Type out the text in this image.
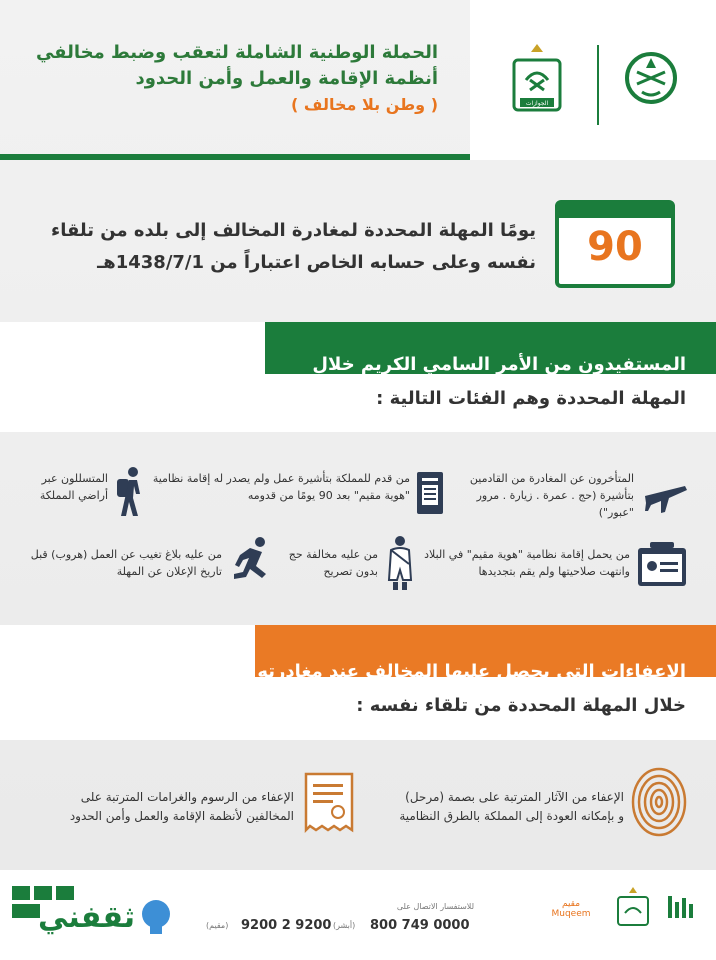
الحملة الوطنية الشاملة لتعقب وضبط مخالفي
أنظمة الإقامة والعمل وأمن الحدود
( وطن بلا مخالف )	الجوازات
90
يومًا المهلة المحددة لمغادرة المخالف إلى بلده من تلقاء
نفسه وعلى حسابه الخاص اعتباراً من 1438/7/1هـ
المستفيدون من الأمر السامي الكريم خلال
المهلة المحددة وهم الفئات التالية :
المتأخرون عن المغادرة من القادمين بتأشيرة (حج . عمرة . زيارة . مرور "عبور")
من قدم للمملكة بتأشيرة عمل ولم يصدر له إقامة نظامية "هوية مقيم" بعد 90 يومًا من قدومه
المتسللون عبر أراضي المملكة
من يحمل إقامة نظامية "هوية مقيم" في البلاد وانتهت صلاحيتها ولم يقم بتجديدها
من عليه مخالفة حج بدون تصريح
من عليه بلاغ تغيب عن العمل (هروب) قبل تاريخ الإعلان عن المهلة
الإعفاءات التي يحصل عليها المخالف عند مغادرته
خلال المهلة المحددة من تلقاء نفسه :
الإعفاء من الآثار المترتبة على بصمة (مرحل)
و بإمكانه العودة إلى المملكة بالطرق النظامية
الإعفاء من الرسوم والغرامات المترتبة على
المخالفين لأنظمة الإقامة والعمل وأمن الحدود
للاستفسار الاتصال على
800 749 0000
(أبشر)
9200 2 9200
(مقيم)
مقيم
Muqeem
ثقفني
